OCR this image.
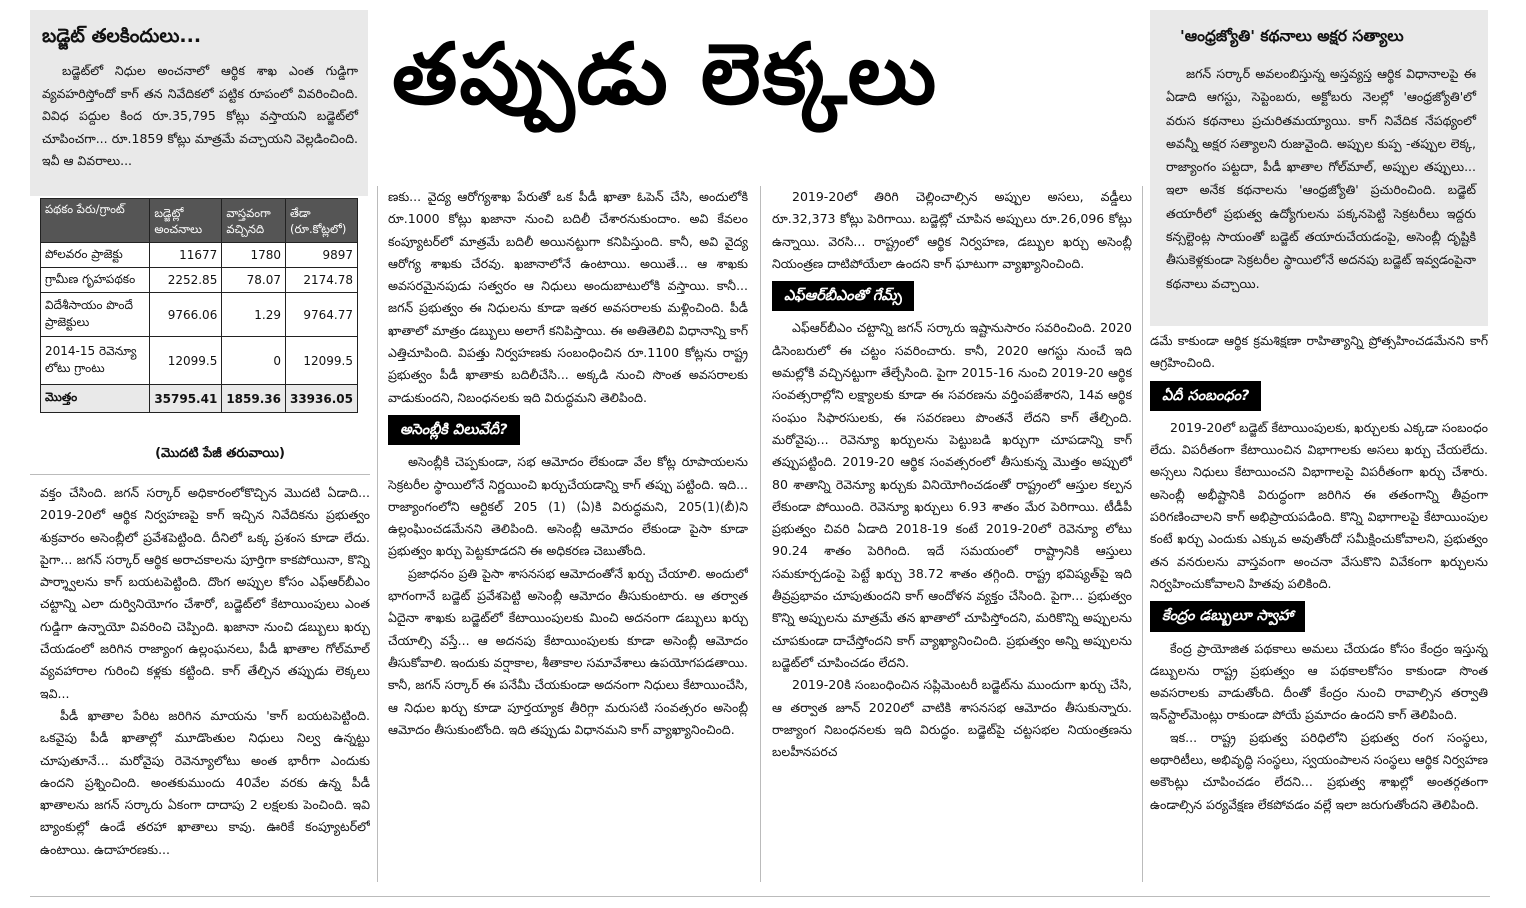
బడ్జెట్ తలకిందులు...
బడ్జెట్‌లో నిధుల అంచనాలో ఆర్థిక శాఖ ఎంత గుడ్డిగా వ్యవహరిస్తోందో కాగ్ తన నివేదికలో పట్టిక రూపంలో వివరించింది. వివిధ పద్దుల కింద రూ.35,795 కోట్లు వస్తాయని బడ్జెట్‌లో చూపించగా... రూ.1859 కోట్లు మాత్రమే వచ్చాయని వెల్లడించింది. ఇవీ ఆ వివరాలు...
పథకం పేరు/గ్రాంట్	బడ్జెట్లో అంచనాలు	వాస్తవంగా వచ్చినది	తేడా (రూ.కోట్లలో)
పోలవరం ప్రాజెక్టు	11677	1780	9897
గ్రామీణ గృహపథకం	2252.85	78.07	2174.78
విదేశీసాయం పొందే ప్రాజెక్టులు	9766.06	1.29	9764.77
2014-15 రెవెన్యూ లోటు గ్రాంటు	12099.5	0	12099.5
మొత్తం	35795.41	1859.36	33936.05
(మొదటి పేజీ తరువాయి)
తప్పుడు లెక్కలు	'ఆంధ్రజ్యోతి' కథనాలు అక్షర సత్యాలు
జగన్ సర్కార్ అవలంబిస్తున్న అస్తవ్యస్త ఆర్థిక విధానాలపై ఈ ఏడాది ఆగస్టు, సెప్టెంబరు, అక్టోబరు నెలల్లో 'ఆంధ్రజ్యోతి'లో వరుస కథనాలు ప్రచురితమయ్యాయి. కాగ్ నివేదిక నేపథ్యంలో అవన్నీ అక్షర సత్యాలని రుజువైంది. అప్పుల కుప్ప -తప్పుల లెక్క, రాజ్యాంగం పట్టదా, పీడీ ఖాతాల గోల్‌మాల్, అప్పుల తప్పులు... ఇలా అనేక కథనాలను 'ఆంధ్రజ్యోతి' ప్రచురించింది. బడ్జెట్ తయారీలో ప్రభుత్వ ఉద్యోగులను పక్కనపెట్టి సెక్రటరీలు ఇద్దరు కన్సల్టెంట్ల సాయంతో బడ్జెట్ తయారుచేయడంపై, అసెంబ్లీ దృష్టికి తీసుకెళ్లకుండా సెక్రటరీల స్థాయిలోనే అదనపు బడ్జెట్ ఇవ్వడంపైనా కథనాలు వచ్చాయి.

వక్తం చేసింది. జగన్ సర్కార్ అధికారంలోకొచ్చిన మొదటి ఏడాది... 2019-20లో ఆర్థిక నిర్వహణపై కాగ్ ఇచ్చిన నివేదికను ప్రభుత్వం శుక్రవారం అసెంబ్లీలో ప్రవేశపెట్టింది. దీనిలో ఒక్క ప్రశంస కూడా లేదు. పైగా... జగన్ సర్కార్ ఆర్థిక అరాచకాలను పూర్తిగా కాకపోయినా, కొన్ని పార్శ్వాలను కాగ్ బయటపెట్టింది. దొంగ అప్పుల కోసం ఎఫ్ఆర్‌బీఎం చట్టాన్ని ఎలా దుర్వినియోగం చేశారో, బడ్జెట్‌లో కేటాయింపులు ఎంత గుడ్డిగా ఉన్నాయో వివరించి చెప్పింది. ఖజానా నుంచి డబ్బులు ఖర్చు చేయడంలో జరిగిన రాజ్యాంగ ఉల్లంఘనలు, పీడీ ఖాతాల గోల్‌మాల్ వ్యవహారాల గురించి కళ్లకు కట్టింది. కాగ్ తేల్చిన తప్పుడు లెక్కలు ఇవి...

పీడీ ఖాతాల పేరిట జరిగిన మాయను 'కాగ్ బయటపెట్టింది. ఒకవైపు పీడీ ఖాతాల్లో మూడొంతుల నిధులు నిల్వ ఉన్నట్టు చూపుతూనే... మరోవైపు రెవెన్యూలోటు అంత భారీగా ఎందుకు ఉందని ప్రశ్నించింది. అంతకుముందు 40వేల వరకు ఉన్న పీడీ ఖాతాలను జగన్ సర్కారు ఏకంగా దాదాపు 2 లక్షలకు పెంచింది. ఇవి బ్యాంకుల్లో ఉండే తరహా ఖాతాలు కావు. ఊరికే కంప్యూటర్‌లో ఉంటాయి. ఉదాహరణకు...

ణకు... వైద్య ఆరోగ్యశాఖ పేరుతో ఒక పీడీ ఖాతా ఓపెన్ చేసి, అందులోకి రూ.1000 కోట్లు ఖజానా నుంచి బదిలీ చేశారనుకుందాం. అవి కేవలం కంప్యూటర్‌లో మాత్రమే బదిలీ అయినట్టుగా కనిపిస్తుంది. కానీ, అవి వైద్య ఆరోగ్య శాఖకు చేరవు. ఖజానాలోనే ఉంటాయి. అయితే... ఆ శాఖకు అవసరమైనపుడు సత్వరం ఆ నిధులు అందుబాటులోకి వస్తాయి. కానీ... జగన్ ప్రభుత్వం ఈ నిధులను కూడా ఇతర అవసరాలకు మళ్లించింది. పీడీ ఖాతాలో మాత్రం డబ్బులు అలాగే కనిపిస్తాయి. ఈ అతితెలివి విధానాన్ని కాగ్ ఎత్తిచూపింది. విపత్తు నిర్వహణకు సంబంధించిన రూ.1100 కోట్లను రాష్ట్ర ప్రభుత్వం పీడీ ఖాతాకు బదిలీచేసి... అక్కడి నుంచి సొంత అవసరాలకు వాడుకుందని, నిబంధనలకు ఇది విరుద్ధమని తెలిపింది.

అసెంబ్లీకి విలువేదీ?

అసెంబ్లీకి చెప్పకుండా, సభ ఆమోదం లేకుండా వేల కోట్ల రూపాయలను సెక్రటరీల స్థాయిలోనే నిర్ణయించి ఖర్చుచేయడాన్ని కాగ్ తప్పు పట్టింది. ఇది... రాజ్యాంగంలోని ఆర్టికల్ 205 (1) (ఏ)కి విరుద్ధమని, 205(1)(బీ)ని ఉల్లంఘించడమేనని తెలిపింది. అసెంబ్లీ ఆమోదం లేకుండా పైసా కూడా ప్రభుత్వం ఖర్చు పెట్టకూడదని ఈ అధికరణ చెబుతోంది.

ప్రజాధనం ప్రతి పైసా శాసనసభ ఆమోదంతోనే ఖర్చు చేయాలి. అందులో భాగంగానే బడ్జెట్ ప్రవేశపెట్టి అసెంబ్లీ ఆమోదం తీసుకుంటారు. ఆ తర్వాత ఏదైనా శాఖకు బడ్జెట్‌లో కేటాయింపులకు మించి అదనంగా డబ్బులు ఖర్చు చేయాల్సి వస్తే... ఆ అదనపు కేటాయింపులకు కూడా అసెంబ్లీ ఆమోదం తీసుకోవాలి. ఇందుకు వర్షాకాల, శీతాకాల సమావేశాలు ఉపయోగపడతాయి. కానీ, జగన్ సర్కార్ ఈ పనేమీ చేయకుండా అదనంగా నిధులు కేటాయించేసి, ఆ నిధుల ఖర్చు కూడా పూర్తయ్యాక తీరిగ్గా మరుసటి సంవత్సరం అసెంబ్లీ ఆమోదం తీసుకుంటోంది. ఇది తప్పుడు విధానమని కాగ్ వ్యాఖ్యానించింది.

2019-20లో తిరిగి చెల్లించాల్సిన అప్పుల అసలు, వడ్డీలు రూ.32,373 కోట్లు పెరిగాయి. బడ్జెట్లో చూపిన అప్పులు రూ.26,096 కోట్లు ఉన్నాయి. వెరసి... రాష్ట్రంలో ఆర్థిక నిర్వహణ, డబ్బుల ఖర్చు అసెంబ్లీ నియంత్రణ దాటిపోయేలా ఉందని కాగ్ ఘాటుగా వ్యాఖ్యానించింది.

ఎఫ్ఆర్‌బీఎంతో గేమ్స్

ఎఫ్ఆర్‌బీఎం చట్టాన్ని జగన్ సర్కారు ఇష్టానుసారం సవరించింది. 2020 డిసెంబరులో ఈ చట్టం సవరించారు. కానీ, 2020 ఆగస్టు నుంచే ఇది అమల్లోకి వచ్చినట్టుగా తేల్చేసింది. పైగా 2015-16 నుంచి 2019-20 ఆర్థిక సంవత్సరాల్లోని లక్ష్యాలకు కూడా ఈ సవరణను వర్తింపజేశారని, 14వ ఆర్థిక సంఘం సిఫారసులకు, ఈ సవరణలు పొంతనే లేదని కాగ్ తేల్చింది. మరోవైపు... రెవెన్యూ ఖర్చులను పెట్టుబడి ఖర్చుగా చూపడాన్ని కాగ్ తప్పుపట్టింది. 2019-20 ఆర్థిక సంవత్సరంలో తీసుకున్న మొత్తం అప్పులో 80 శాతాన్ని రెవెన్యూ ఖర్చుకు వినియోగించడంతో రాష్ట్రంలో ఆస్తుల కల్పన లేకుండా పోయింది. రెవెన్యూ ఖర్చులు 6.93 శాతం మేర పెరిగాయి. టీడీపీ ప్రభుత్వం చివరి ఏడాది 2018-19 కంటే 2019-20లో రెవెన్యూ లోటు 90.24 శాతం పెరిగింది. ఇదే సమయంలో రాష్ట్రానికి ఆస్తులు సమకూర్చడంపై పెట్టే ఖర్చు 38.72 శాతం తగ్గింది. రాష్ట్ర భవిష్యత్‌పై ఇది తీవ్రప్రభావం చూపుతుందని కాగ్ ఆందోళన వ్యక్తం చేసింది. పైగా... ప్రభుత్వం కొన్ని అప్పులను మాత్రమే తన ఖాతాలో చూపిస్తోందని, మరికొన్ని అప్పులను చూపకుండా దాచేస్తోందని కాగ్ వ్యాఖ్యానించింది. ప్రభుత్వం అన్ని అప్పులను బడ్జెట్‌లో చూపించడం లేదని.

2019-20కి సంబంధించిన సప్లిమెంటరీ బడ్జెట్‌ను ముందుగా ఖర్చు చేసి, ఆ తర్వాత జూన్ 2020లో వాటికి శాసనసభ ఆమోదం తీసుకున్నారు. రాజ్యాంగ నిబంధనలకు ఇది విరుద్ధం. బడ్జెట్‌పై చట్టసభల నియంత్రణను బలహీనపరచ

డమే కాకుండా ఆర్థిక క్రమశిక్షణా రాహిత్యాన్ని ప్రోత్సహించడమేనని కాగ్ ఆగ్రహించింది.

ఏదీ సంబంధం?

2019-20లో బడ్జెట్ కేటాయింపులకు, ఖర్చులకు ఎక్కడా సంబంధం లేదు. విపరీతంగా కేటాయించిన విభాగాలకు అసలు ఖర్చు చేయలేదు. అస్సలు నిధులు కేటాయించని విభాగాలపై విపరీతంగా ఖర్చు చేశారు. అసెంబ్లీ అభీష్టానికి విరుద్ధంగా జరిగిన ఈ తతంగాన్ని తీవ్రంగా పరిగణించాలని కాగ్ అభిప్రాయపడింది. కొన్ని విభాగాలపై కేటాయింపుల కంటే ఖర్చు ఎందుకు ఎక్కువ అవుతోందో సమీక్షించుకోవాలని, ప్రభుత్వం తన వనరులను వాస్తవంగా అంచనా వేసుకొని వివేకంగా ఖర్చులను నిర్వహించుకోవాలని హితవు పలికింది.

కేంద్రం డబ్బులూ స్వాహా

కేంద్ర ప్రాయోజిత పథకాలు అమలు చేయడం కోసం కేంద్రం ఇస్తున్న డబ్బులను రాష్ట్ర ప్రభుత్వం ఆ పథకాలకోసం కాకుండా సొంత అవసరాలకు వాడుతోంది. దీంతో కేంద్రం నుంచి రావాల్సిన తర్వాతి ఇన్‌స్టాల్‌మెంట్లు రాకుండా పోయే ప్రమాదం ఉందని కాగ్ తెలిపింది.

ఇక... రాష్ట్ర ప్రభుత్వ పరిధిలోని ప్రభుత్వ రంగ సంస్థలు, అథారిటీలు, అభివృద్ధి సంస్థలు, స్వయంపాలన సంస్థలు ఆర్థిక నిర్వహణ అకౌంట్లు చూపించడం లేదని... ప్రభుత్వ శాఖల్లో అంతర్గతంగా ఉండాల్సిన పర్యవేక్షణ లేకపోవడం వల్లే ఇలా జరుగుతోందని తెలిపింది.
